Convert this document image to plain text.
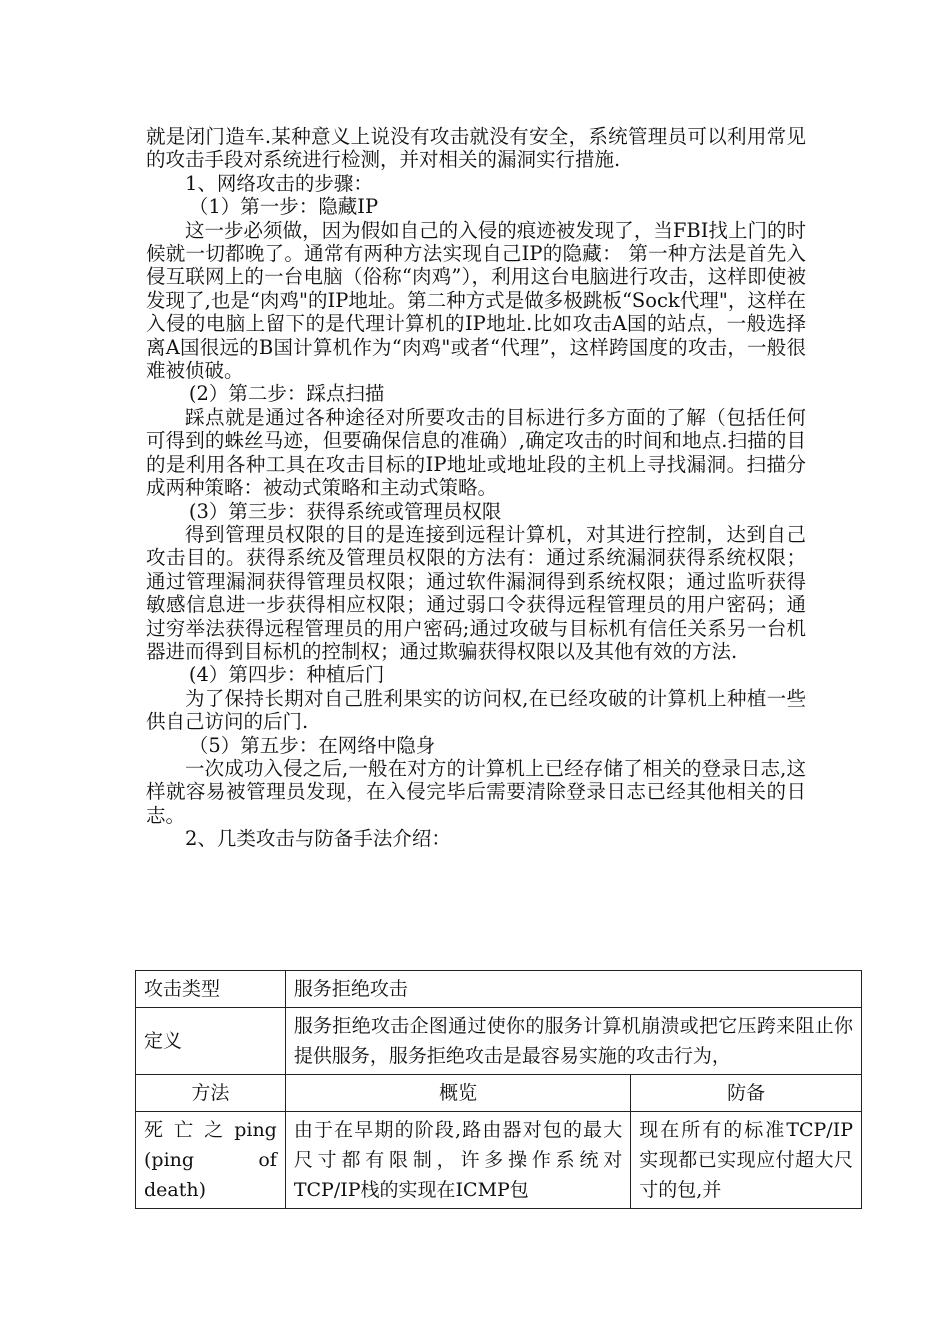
就是闭门造车.某种意义上说没有攻击就没有安全，系统管理员可以利用常见的攻击手段对系统进行检测，并对相关的漏洞实行措施.

1、网络攻击的步骤：

（1）第一步：隐藏IP

这一步必须做，因为假如自己的入侵的痕迹被发现了，当FBI找上门的时候就一切都晚了。通常有两种方法实现自己IP的隐藏： 第一种方法是首先入侵互联网上的一台电脑（俗称“肉鸡”），利用这台电脑进行攻击，这样即使被发现了,也是“肉鸡"的IP地址。第二种方式是做多极跳板“Sock代理"，这样在入侵的电脑上留下的是代理计算机的IP地址.比如攻击A国的站点，一般选择离A国很远的B国计算机作为“肉鸡"或者“代理”，这样跨国度的攻击，一般很难被侦破。

(2）第二步：踩点扫描

踩点就是通过各种途径对所要攻击的目标进行多方面的了解（包括任何可得到的蛛丝马迹，但要确保信息的准确）,确定攻击的时间和地点.扫描的目的是利用各种工具在攻击目标的IP地址或地址段的主机上寻找漏洞。扫描分成两种策略：被动式策略和主动式策略。

(3）第三步：获得系统或管理员权限

得到管理员权限的目的是连接到远程计算机，对其进行控制，达到自己攻击目的。获得系统及管理员权限的方法有：通过系统漏洞获得系统权限；通过管理漏洞获得管理员权限；通过软件漏洞得到系统权限；通过监听获得敏感信息进一步获得相应权限；通过弱口令获得远程管理员的用户密码；通过穷举法获得远程管理员的用户密码;通过攻破与目标机有信任关系另一台机器进而得到目标机的控制权；通过欺骗获得权限以及其他有效的方法.

(4）第四步：种植后门

为了保持长期对自己胜利果实的访问权,在已经攻破的计算机上种植一些供自己访问的后门.

（5）第五步：在网络中隐身

一次成功入侵之后,一般在对方的计算机上已经存储了相关的登录日志,这样就容易被管理员发现，在入侵完毕后需要清除登录日志已经其他相关的日志。

2、几类攻击与防备手法介绍：

攻击类型	服务拒绝攻击	
定义	服务拒绝攻击企图通过使你的服务计算机崩溃或把它压跨来阻止你提供服务，服务拒绝攻击是最容易实施的攻击行为，	
方法	概览	防备
死亡之ping (ping of death)	由于在早期的阶段,路由器对包的最大尺寸都有限制，许多操作系统对TCP/IP栈的实现在ICMP包	现在所有的标准TCP/IP实现都已实现应付超大尺寸的包,并
